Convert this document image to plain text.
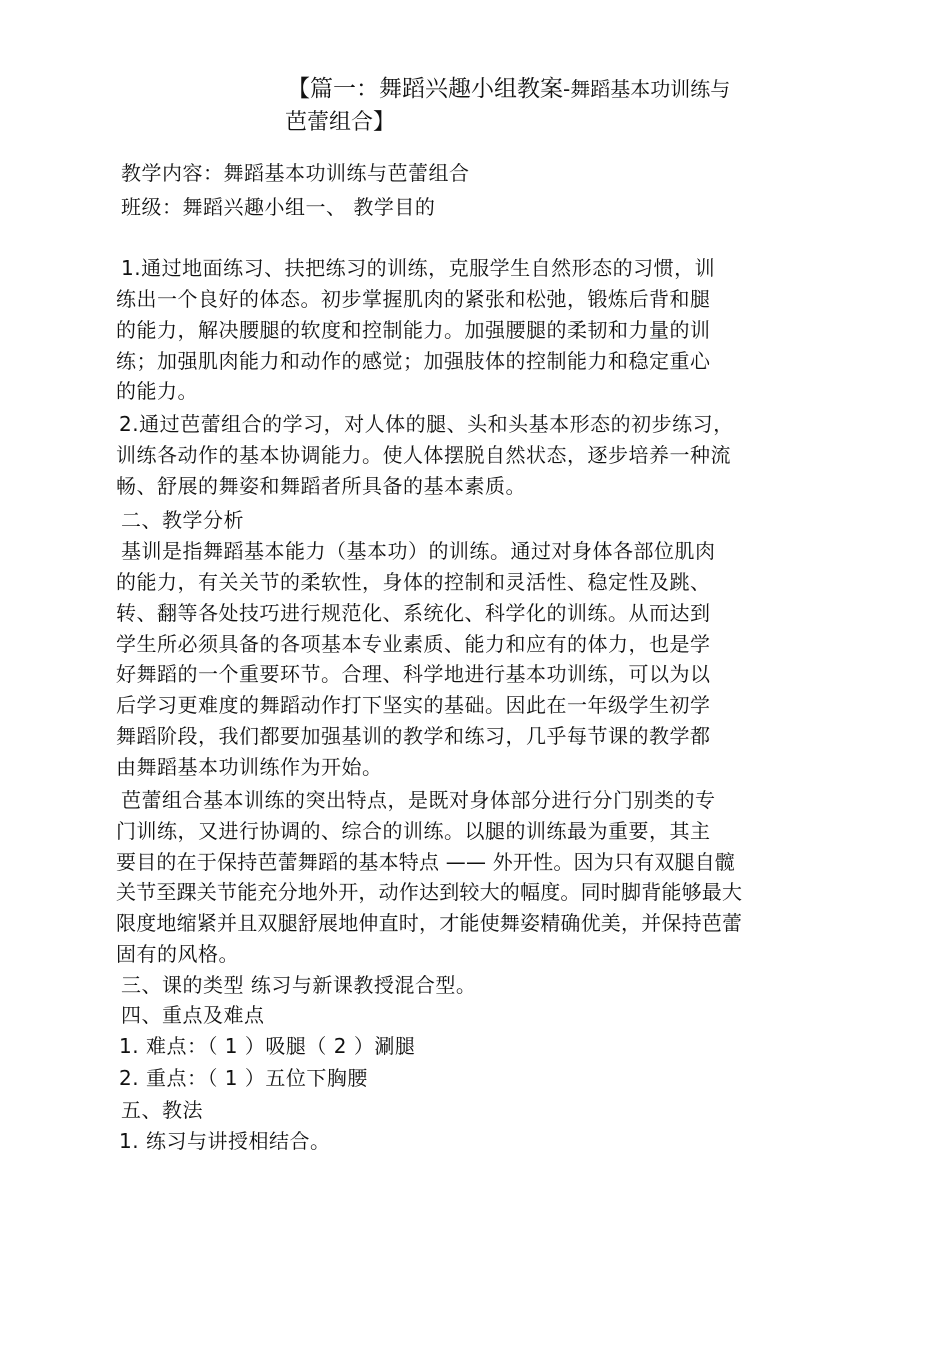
【篇一：舞蹈兴趣小组教案-舞蹈基本功训练与
芭蕾组合】
教学内容：舞蹈基本功训练与芭蕾组合
班级：舞蹈兴趣小组一、 教学目的
1.通过地面练习、扶把练习的训练，克服学生自然形态的习惯，训
练出一个良好的体态。初步掌握肌肉的紧张和松弛，锻炼后背和腿
的能力，解决腰腿的软度和控制能力。加强腰腿的柔韧和力量的训
练；加强肌肉能力和动作的感觉；加强肢体的控制能力和稳定重心
的能力。
2.通过芭蕾组合的学习，对人体的腿、头和头基本形态的初步练习，
训练各动作的基本协调能力。使人体摆脱自然状态，逐步培养一种流
畅、舒展的舞姿和舞蹈者所具备的基本素质。
二、教学分析
基训是指舞蹈基本能力（基本功）的训练。通过对身体各部位肌肉
的能力，有关关节的柔软性，身体的控制和灵活性、稳定性及跳、
转、翻等各处技巧进行规范化、系统化、科学化的训练。从而达到
学生所必须具备的各项基本专业素质、能力和应有的体力，也是学
好舞蹈的一个重要环节。合理、科学地进行基本功训练，可以为以
后学习更难度的舞蹈动作打下坚实的基础。因此在一年级学生初学
舞蹈阶段，我们都要加强基训的教学和练习，几乎每节课的教学都
由舞蹈基本功训练作为开始。
芭蕾组合基本训练的突出特点，是既对身体部分进行分门别类的专
门训练，又进行协调的、综合的训练。以腿的训练最为重要，其主
要目的在于保持芭蕾舞蹈的基本特点 —— 外开性。因为只有双腿自髋
关节至踝关节能充分地外开，动作达到较大的幅度。同时脚背能够最大
限度地缩紧并且双腿舒展地伸直时，才能使舞姿精确优美，并保持芭蕾
固有的风格。
三、课的类型 练习与新课教授混合型。
四、重点及难点
1. 难点：（ 1 ）吸腿（ 2 ）涮腿
2. 重点：（ 1 ）五位下胸腰
五、教法
1. 练习与讲授相结合。
